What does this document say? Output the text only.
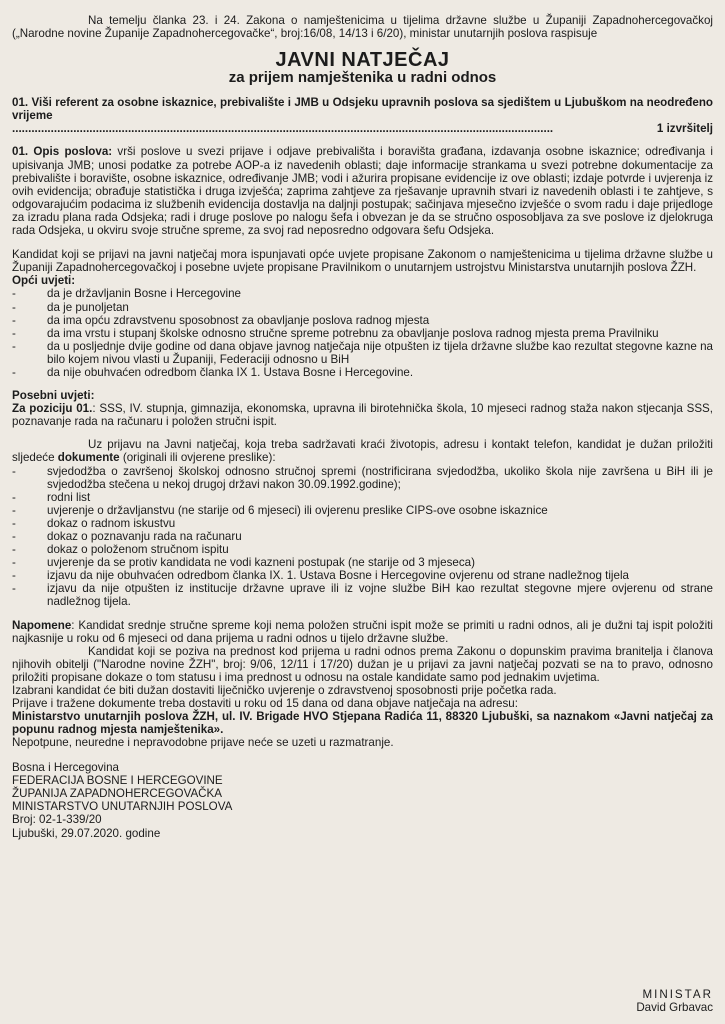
Na temelju članka 23. i 24. Zakona o namještenicima u tijelima državne službe u Županiji Zapadnohercegovačkoj („Narodne novine Županije Zapadnohercegovačke“, broj:16/08, 14/13 i 6/20), ministar unutarnjih poslova raspisuje

JAVNI NATJEČAJ
za prijem namještenika u radni odnos
01. Viši referent za osobne iskaznice, prebivalište i JMB u Odsjeku upravnih poslova sa sjedištem u Ljubuškom na neodređeno vrijeme
........................................................................................................................................................................	1 izvršitelj

01. Opis poslova: vrši poslove u svezi prijave i odjave prebivališta i boravišta građana, izdavanja osobne iskaznice; određivanja i upisivanja JMB; unosi podatke za potrebe AOP-a iz navedenih oblasti; daje informacije strankama u svezi potrebne dokumentacije za prebivalište i boravište, osobne iskaznice, određivanje JMB; vodi i ažurira propisane evidencije iz ove oblasti; izdaje potvrde i uvjerenja iz ovih evidencija; obrađuje statistička i druga izvješća; zaprima zahtjeve za rješavanje upravnih stvari iz navedenih oblasti i te zahtjeve, s odgovarajućim podacima iz službenih evidencija dostavlja na daljnji postupak; sačinjava mjesečno izvješće o svom radu i daje prijedloge za izradu plana rada Odsjeka; radi i druge poslove po nalogu šefa i obvezan je da se stručno osposobljava za sve poslove iz djelokruga rada Odsjeka, u okviru svoje stručne spreme, za svoj rad neposredno odgovara šefu Odsjeka.

Kandidat koji se prijavi na javni natječaj mora ispunjavati opće uvjete propisane Zakonom o namještenicima u tijelima državne službe u Županiji Zapadnohercegovačkoj i posebne uvjete propisane Pravilnikom o unutarnjem ustrojstvu Ministarstva unutarnjih poslova ŽZH.

Opći uvjeti:

- da je državljanin Bosne i Hercegovine
- da je punoljetan
- da ima opću zdravstvenu sposobnost za obavljanje poslova radnog mjesta
- da ima vrstu i stupanj školske odnosno stručne spreme potrebnu za obavljanje poslova radnog mjesta prema Pravilniku
- da u posljednje dvije godine od dana objave javnog natječaja nije otpušten iz tijela državne službe kao rezultat stegovne kazne na bilo kojem nivou vlasti u Županiji, Federaciji odnosno u BiH
- da nije obuhvaćen odredbom članka IX 1. Ustava Bosne i Hercegovine.

Posebni uvjeti:

Za poziciju 01.: SSS, IV. stupnja, gimnazija, ekonomska, upravna ili birotehnička škola, 10 mjeseci radnog staža nakon stjecanja SSS, poznavanje rada na računaru i položen stručni ispit.

Uz prijavu na Javni natječaj, koja treba sadržavati kraći životopis, adresu i kontakt telefon, kandidat je dužan priložiti sljedeće dokumente (originali ili ovjerene preslike):

- svjedodžba o završenoj školskoj odnosno stručnoj spremi (nostrificirana svjedodžba, ukoliko škola nije završena u BiH ili je svjedodžba stečena u nekoj drugoj državi nakon 30.09.1992.godine);
- rodni list
- uvjerenje o državljanstvu (ne starije od 6 mjeseci) ili ovjerenu preslike CIPS-ove osobne iskaznice
- dokaz o radnom iskustvu
- dokaz o poznavanju rada na računaru
- dokaz o položenom stručnom ispitu
- uvjerenje da se protiv kandidata ne vodi kazneni postupak (ne starije od 3 mjeseca)
- izjavu da nije obuhvaćen odredbom članka IX. 1. Ustava Bosne i Hercegovine ovjerenu od strane nadležnog tijela
- izjavu da nije otpušten iz institucije državne uprave ili iz vojne službe BiH kao rezultat stegovne mjere ovjerenu od strane nadležnog tijela.

Napomene: Kandidat srednje stručne spreme koji nema položen stručni ispit može se primiti u radni odnos, ali je dužni taj ispit položiti najkasnije u roku od 6 mjeseci od dana prijema u radni odnos u tijelo državne službe.

Kandidat koji se poziva na prednost kod prijema u radni odnos prema Zakonu o dopunskim pravima branitelja i članova njihovih obitelji ("Narodne novine ŽZH", broj: 9/06, 12/11 i 17/20) dužan je u prijavi za javni natječaj pozvati se na to pravo, odnosno priložiti propisane dokaze o tom statusu i ima prednost u odnosu na ostale kandidate samo pod jednakim uvjetima.

Izabrani kandidat će biti dužan dostaviti liječničko uvjerenje o zdravstvenoj sposobnosti prije početka rada.

Prijave i tražene dokumente treba dostaviti u roku od 15 dana od dana objave natječaja na adresu:

Ministarstvo unutarnjih poslova ŽZH, ul. IV. Brigade HVO Stjepana Radića 11, 88320 Ljubuški, sa naznakom «Javni natječaj za popunu radnog mjesta namještenika».

Nepotpune, neuredne i nepravodobne prijave neće se uzeti u razmatranje.

Bosna i Hercegovina
FEDERACIJA BOSNE I HERCEGOVINE
ŽUPANIJA ZAPADNOHERCEGOVAČKA
MINISTARSTVO UNUTARNJIH POSLOVA
Broj: 02-1-339/20
Ljubuški, 29.07.2020. godine
MINISTAR
David Grbavac
